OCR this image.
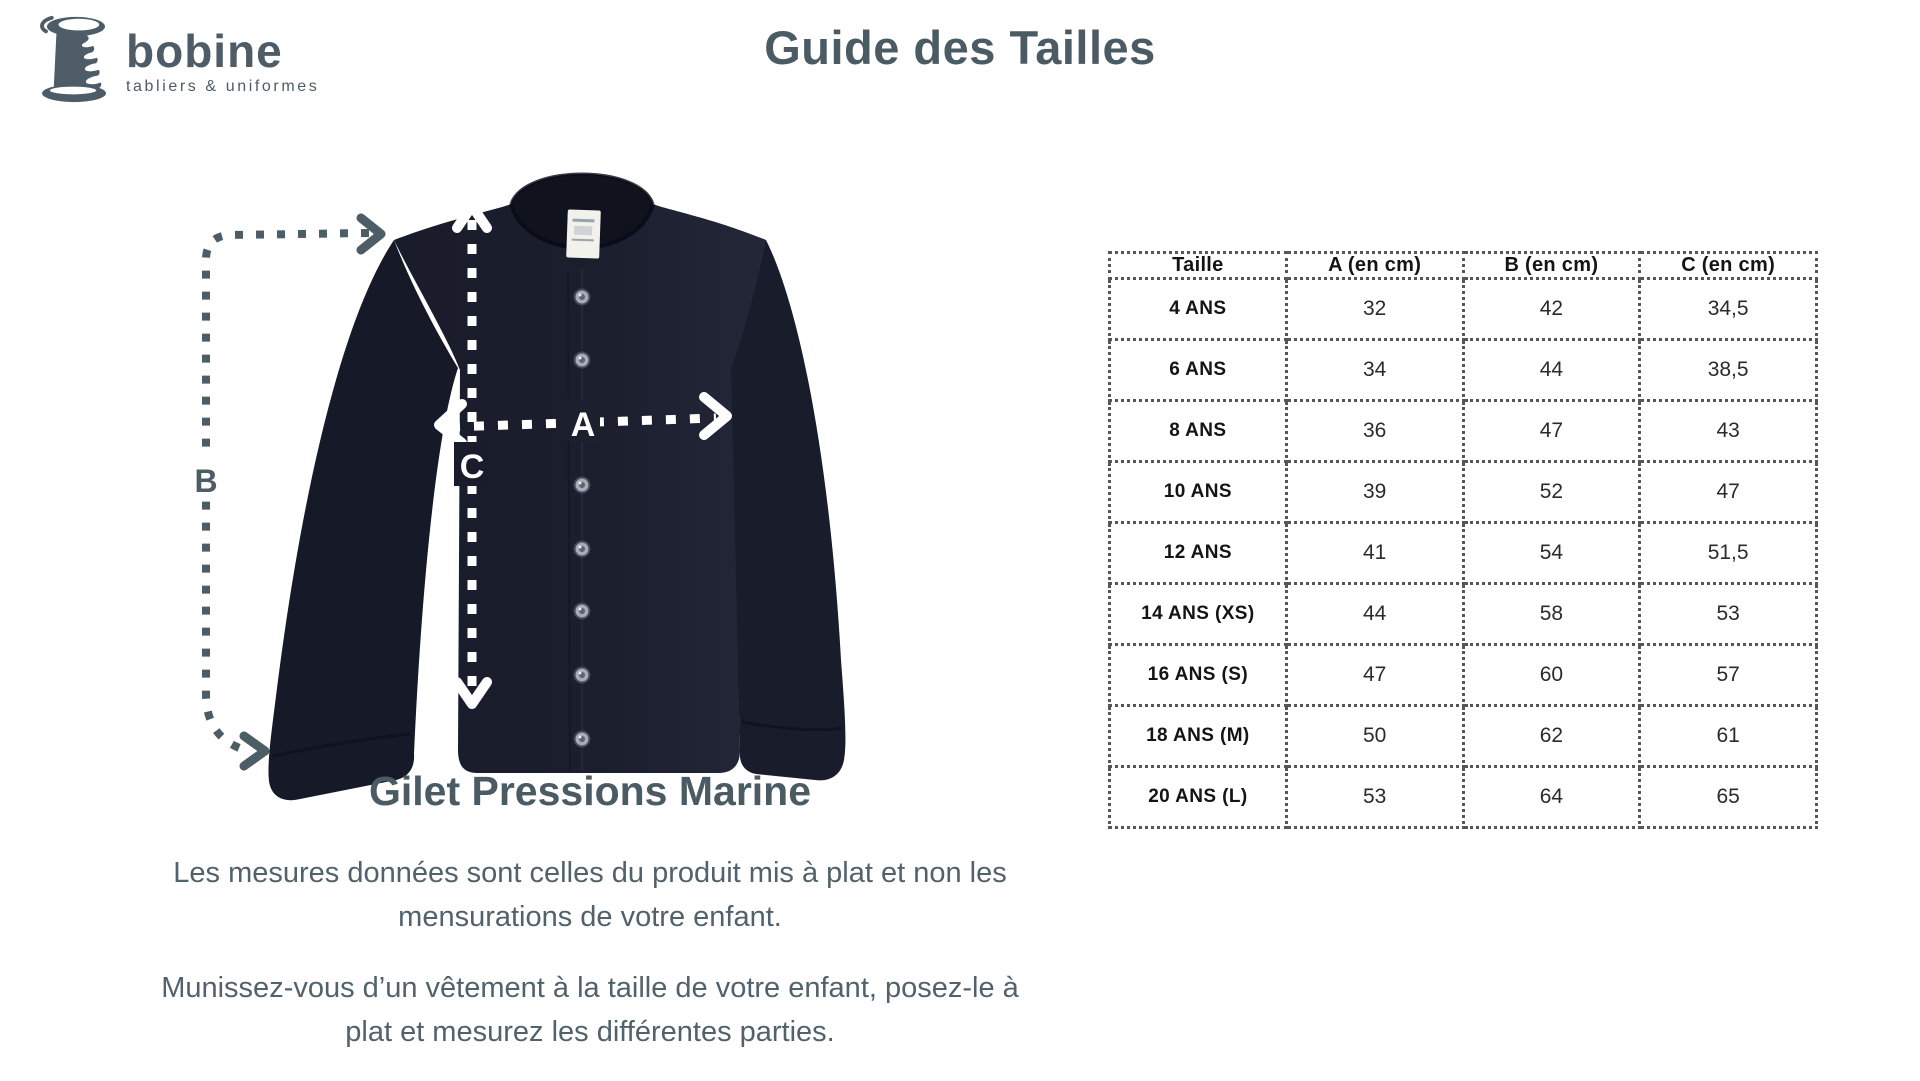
bobine
tabliers & uniformes
Guide des Tailles
A
C
B
Gilet Pressions Marine

Les mesures données sont celles du produit mis à plat et non les mensurations de votre enfant.

Munissez-vous d’un vêtement à la taille de votre enfant, posez-le à plat et mesurez les différentes parties.

Taille	A (en cm)	B (en cm)	C (en cm)
4 ANS	32	42	34,5
6 ANS	34	44	38,5
8 ANS	36	47	43
10 ANS	39	52	47
12 ANS	41	54	51,5
14 ANS (XS)	44	58	53
16 ANS (S)	47	60	57
18 ANS (M)	50	62	61
20 ANS (L)	53	64	65
